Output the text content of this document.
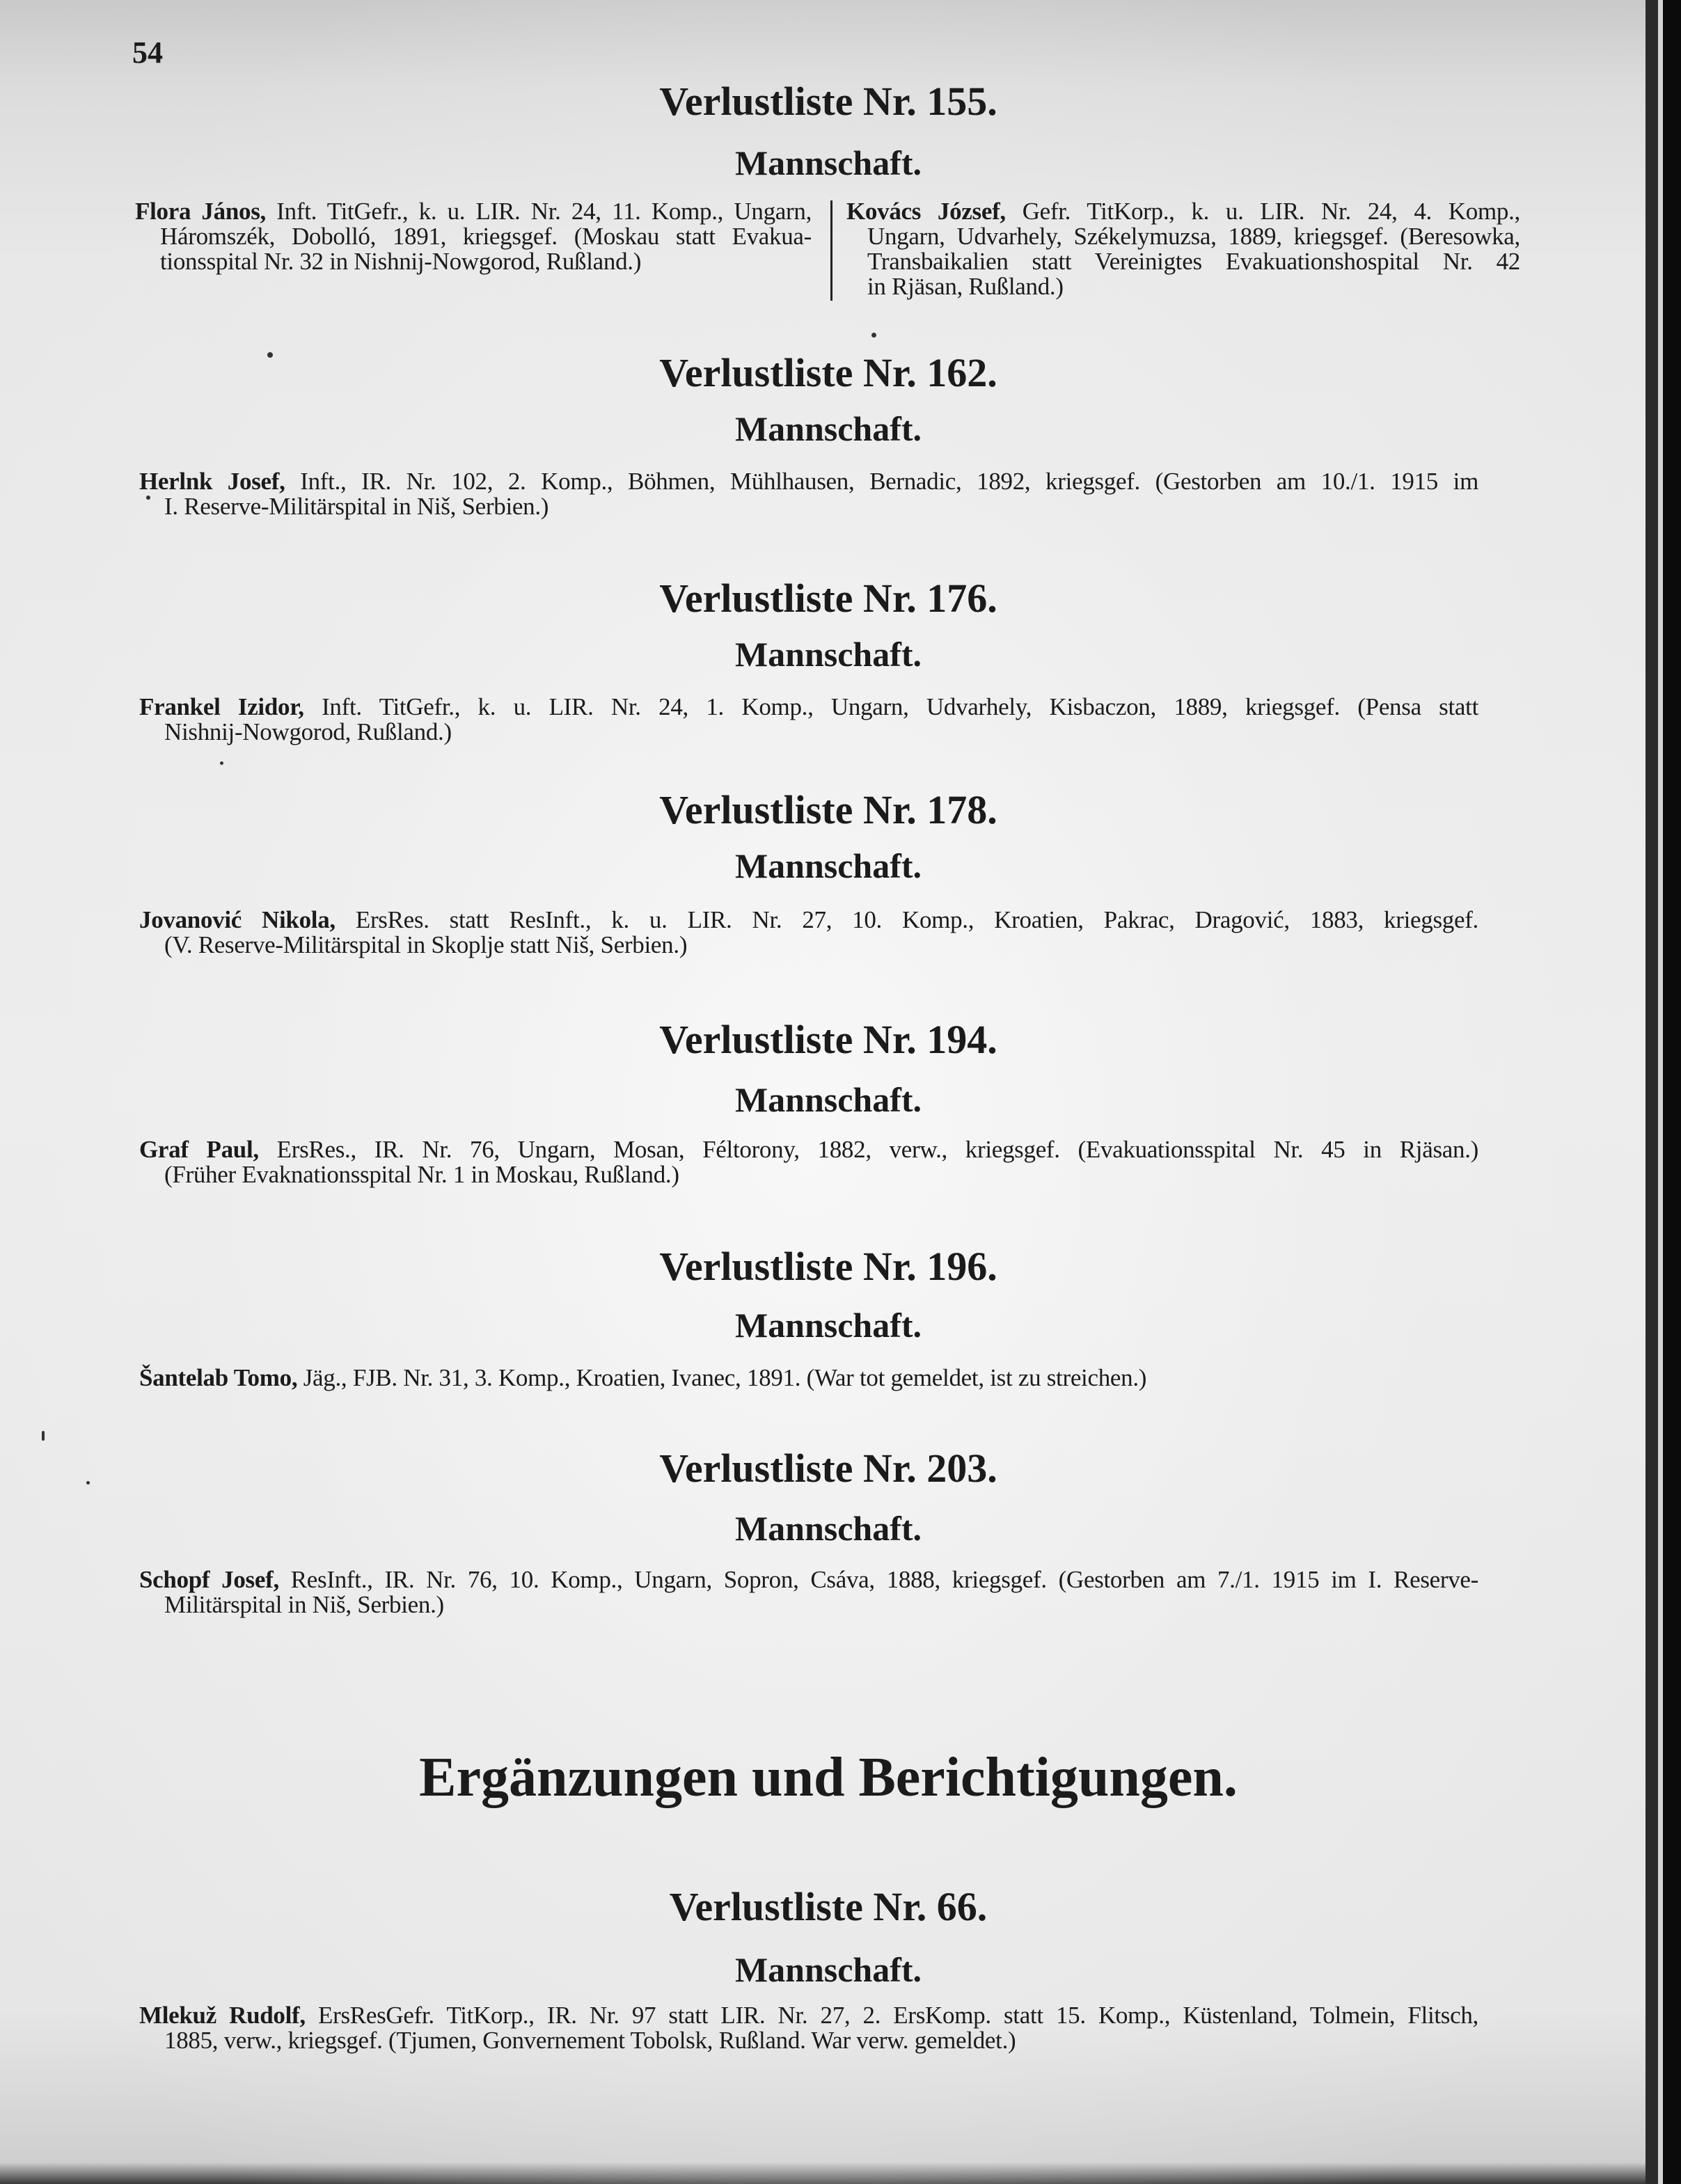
54
Verlustliste Nr. 155.
Mannschaft.
Flora János, Inft. TitGefr., k. u. LIR. Nr. 24, 11. Komp., Ungarn,
Háromszék, Dobolló, 1891, kriegsgef. (Moskau statt Evakua-
tionsspital Nr. 32 in Nishnij-Nowgorod, Rußland.)
Kovács József, Gefr. TitKorp., k. u. LIR. Nr. 24, 4. Komp.,
Ungarn, Udvarhely, Székelymuzsa, 1889, kriegsgef. (Beresowka,
Transbaikalien statt Vereinigtes Evakuationshospital Nr. 42
in Rjäsan, Rußland.)
Verlustliste Nr. 162.
Mannschaft.
Herlnk Josef, Inft., IR. Nr. 102, 2. Komp., Böhmen, Mühlhausen, Bernadic, 1892, kriegsgef. (Gestorben am 10./1. 1915 im
I. Reserve-Militärspital in Niš, Serbien.)
Verlustliste Nr. 176.
Mannschaft.
Frankel Izidor, Inft. TitGefr., k. u. LIR. Nr. 24, 1. Komp., Ungarn, Udvarhely, Kisbaczon, 1889, kriegsgef. (Pensa statt
Nishnij-Nowgorod, Rußland.)
Verlustliste Nr. 178.
Mannschaft.
Jovanović Nikola, ErsRes. statt ResInft., k. u. LIR. Nr. 27, 10. Komp., Kroatien, Pakrac, Dragović, 1883, kriegsgef.
(V. Reserve-Militärspital in Skoplje statt Niš, Serbien.)
Verlustliste Nr. 194.
Mannschaft.
Graf Paul, ErsRes., IR. Nr. 76, Ungarn, Mosan, Féltorony, 1882, verw., kriegsgef. (Evakuationsspital Nr. 45 in Rjäsan.)
(Früher Evaknationsspital Nr. 1 in Moskau, Rußland.)
Verlustliste Nr. 196.
Mannschaft.
Šantelab Tomo, Jäg., FJB. Nr. 31, 3. Komp., Kroatien, Ivanec, 1891. (War tot gemeldet, ist zu streichen.)
Verlustliste Nr. 203.
Mannschaft.
Schopf Josef, ResInft., IR. Nr. 76, 10. Komp., Ungarn, Sopron, Csáva, 1888, kriegsgef. (Gestorben am 7./1. 1915 im I. Reserve-
Militärspital in Niš, Serbien.)
Ergänzungen und Berichtigungen.
Verlustliste Nr. 66.
Mannschaft.
Mlekuž Rudolf, ErsResGefr. TitKorp., IR. Nr. 97 statt LIR. Nr. 27, 2. ErsKomp. statt 15. Komp., Küstenland, Tolmein, Flitsch,
1885, verw., kriegsgef. (Tjumen, Gonvernement Tobolsk, Rußland. War verw. gemeldet.)
